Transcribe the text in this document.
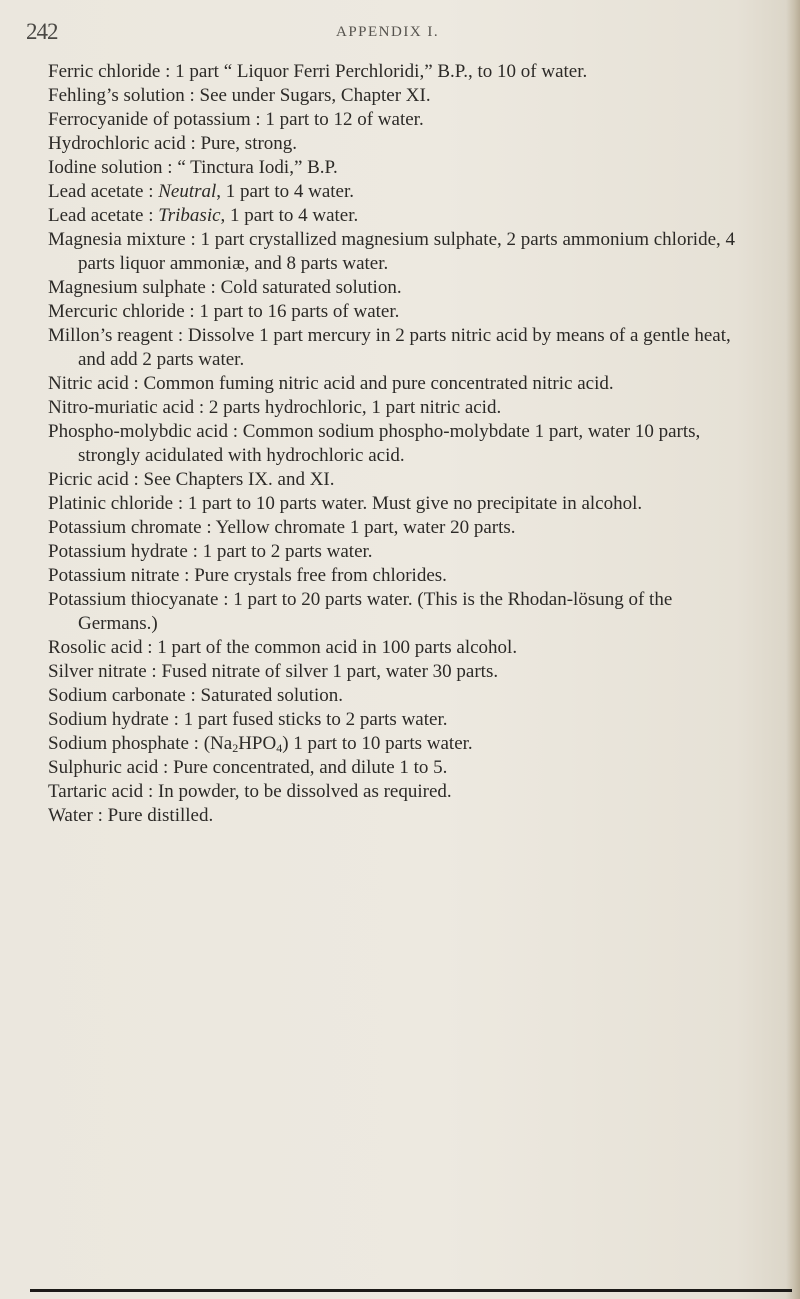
242	APPENDIX I.

Ferric chloride : 1 part “ Liquor Ferri Perchloridi,” B.P., to 10 of water.

Fehling’s solution : See under Sugars, Chapter XI.

Ferrocyanide of potassium : 1 part to 12 of water.

Hydrochloric acid : Pure, strong.

Iodine solution : “ Tinctura Iodi,” B.P.

Lead acetate : Neutral, 1 part to 4 water.

Lead acetate : Tribasic, 1 part to 4 water.

Magnesia mixture : 1 part crystallized magnesium sulphate, 2 parts ammonium chloride, 4 parts liquor ammoniæ, and 8 parts water.

Magnesium sulphate : Cold saturated solution.

Mercuric chloride : 1 part to 16 parts of water.

Millon’s reagent : Dissolve 1 part mercury in 2 parts nitric acid by means of a gentle heat, and add 2 parts water.

Nitric acid : Common fuming nitric acid and pure concentrated nitric acid.

Nitro-muriatic acid : 2 parts hydrochloric, 1 part nitric acid.

Phospho-molybdic acid : Common sodium phospho-molybdate 1 part, water 10 parts, strongly acidulated with hydrochloric acid.

Picric acid : See Chapters IX. and XI.

Platinic chloride : 1 part to 10 parts water. Must give no precipitate in alcohol.

Potassium chromate : Yellow chromate 1 part, water 20 parts.

Potassium hydrate : 1 part to 2 parts water.

Potassium nitrate : Pure crystals free from chlorides.

Potassium thiocyanate : 1 part to 20 parts water. (This is the Rhodan-lösung of the Germans.)

Rosolic acid : 1 part of the common acid in 100 parts alcohol.

Silver nitrate : Fused nitrate of silver 1 part, water 30 parts.

Sodium carbonate : Saturated solution.

Sodium hydrate : 1 part fused sticks to 2 parts water.

Sodium phosphate : $(Na_2HPO_4)$ 1 part to 10 parts water.

Sulphuric acid : Pure concentrated, and dilute 1 to 5.

Tartaric acid : In powder, to be dissolved as required.

Water : Pure distilled.
